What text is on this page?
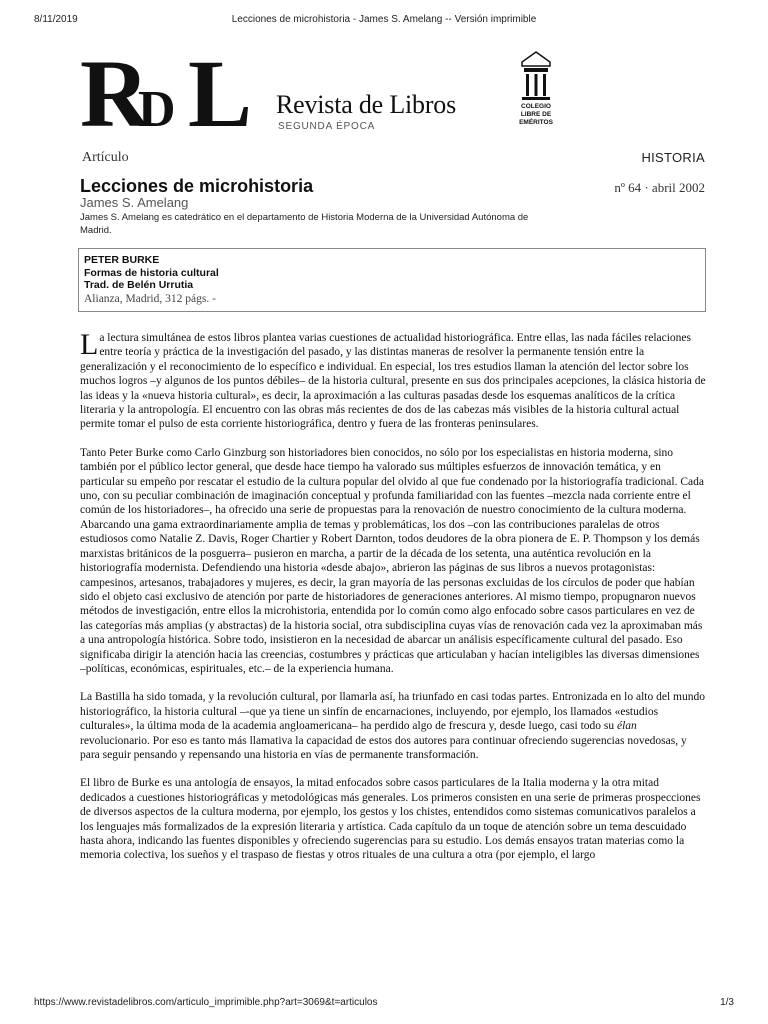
8/11/2019	Lecciones de microhistoria - James S. Amelang -- Versión imprimible
R
D L Revista de Libros
SEGUNDA ÉPOCA
COLEGIO
LIBRE DE
EMÉRITOS
Artículo	HISTORIA
Lecciones de microhistoria	nº 64 · abril 2002
James S. Amelang
James S. Amelang es catedrático en el departamento de Historia Moderna de la Universidad Autónoma de Madrid.
PETER BURKE
Formas de historia cultural
Trad. de Belén Urrutia
Alianza, Madrid, 312 págs. -

La lectura simultánea de estos libros plantea varias cuestiones de actualidad historiográfica. Entre ellas, las nada fáciles relaciones entre teoría y práctica de la investigación del pasado, y las distintas maneras de resolver la permanente tensión entre la generalización y el reconocimiento de lo específico e individual. En especial, los tres estudios llaman la atención del lector sobre los muchos logros –y algunos de los puntos débiles– de la historia cultural, presente en sus dos principales acepciones, la clásica historia de las ideas y la «nueva historia cultural», es decir, la aproximación a las culturas pasadas desde los esquemas analíticos de la crítica literaria y la antropología. El encuentro con las obras más recientes de dos de las cabezas más visibles de la historia cultural actual permite tomar el pulso de esta corriente historiográfica, dentro y fuera de las fronteras peninsulares.

Tanto Peter Burke como Carlo Ginzburg son historiadores bien conocidos, no sólo por los especialistas en historia moderna, sino también por el público lector general, que desde hace tiempo ha valorado sus múltiples esfuerzos de innovación temática, y en particular su empeño por rescatar el estudio de la cultura popular del olvido al que fue condenado por la historiografía tradicional. Cada uno, con su peculiar combinación de imaginación conceptual y profunda familiaridad con las fuentes –mezcla nada corriente entre el común de los historiadores–, ha ofrecido una serie de propuestas para la renovación de nuestro conocimiento de la cultura moderna. Abarcando una gama extraordinariamente amplia de temas y problemáticas, los dos –con las contribuciones paralelas de otros estudiosos como Natalie Z. Davis, Roger Chartier y Robert Darnton, todos deudores de la obra pionera de E. P. Thompson y los demás marxistas británicos de la posguerra– pusieron en marcha, a partir de la década de los setenta, una auténtica revolución en la historiografía modernista. Defendiendo una historia «desde abajo», abrieron las páginas de sus libros a nuevos protagonistas: campesinos, artesanos, trabajadores y mujeres, es decir, la gran mayoría de las personas excluidas de los círculos de poder que habían sido el objeto casi exclusivo de atención por parte de historiadores de generaciones anteriores. Al mismo tiempo, propugnaron nuevos métodos de investigación, entre ellos la microhistoria, entendida por lo común como algo enfocado sobre casos particulares en vez de las categorías más amplias (y abstractas) de la historia social, otra subdisciplina cuyas vías de renovación cada vez la aproximaban más a una antropología histórica. Sobre todo, insistieron en la necesidad de abarcar un análisis específicamente cultural del pasado. Eso significaba dirigir la atención hacia las creencias, costumbres y prácticas que articulaban y hacían inteligibles las diversas dimensiones –políticas, económicas, espirituales, etc.– de la experiencia humana.

La Bastilla ha sido tomada, y la revolución cultural, por llamarla así, ha triunfado en casi todas partes. Entronizada en lo alto del mundo historiográfico, la historia cultural –-que ya tiene un sinfín de encarnaciones, incluyendo, por ejemplo, los llamados «estudios culturales», la última moda de la academia angloamericana– ha perdido algo de frescura y, desde luego, casi todo su élan revolucionario. Por eso es tanto más llamativa la capacidad de estos dos autores para continuar ofreciendo sugerencias novedosas, y para seguir pensando y repensando una historia en vías de permanente transformación.

El libro de Burke es una antología de ensayos, la mitad enfocados sobre casos particulares de la Italia moderna y la otra mitad dedicados a cuestiones historiográficas y metodológicas más generales. Los primeros consisten en una serie de primeras prospecciones de diversos aspectos de la cultura moderna, por ejemplo, los gestos y los chistes, entendidos como sistemas comunicativos paralelos a los lenguajes más formalizados de la expresión literaria y artística. Cada capítulo da un toque de atención sobre un tema descuidado hasta ahora, indicando las fuentes disponibles y ofreciendo sugerencias para su estudio. Los demás ensayos tratan materias como la memoria colectiva, los sueños y el traspaso de fiestas y otros rituales de una cultura a otra (por ejemplo, el largo

https://www.revistadelibros.com/articulo_imprimible.php?art=3069&t=articulos	1/3
